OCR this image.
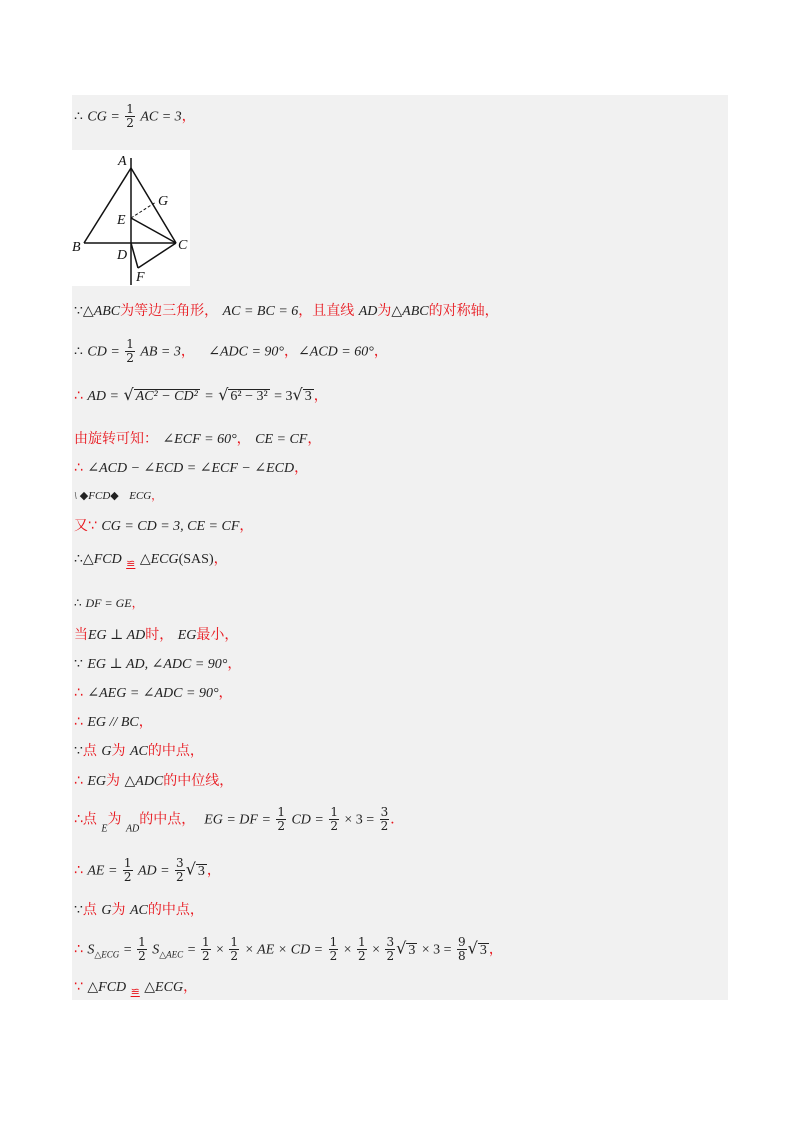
∴ CG = $\frac{1}{2}$ AC = 3，
A
B	C
D
E
F
G
∵△ABC为等边三角形， AC = BC = 6，且直线 AD为△ABC的对称轴，
∴ CD = $\frac{1}{2}$ AB = 3， ∠ADC = 90°，∠ACD = 60°，
∴ AD = √ AC² − CD² = √ 6² − 3² = 3√ 3 ，
由旋转可知： ∠ECF = 60°， CE = CF，
∴ ∠ACD − ∠ECD = ∠ECF − ∠ECD，
\ ◆FCD◆ ECG，
又∵ CG = CD = 3, CE = CF，
∴△FCD $_≌$ △ECG(SAS)，
∴ DF = GE，
当EG ⊥ AD时， EG最小，
∵ EG ⊥ AD, ∠ADC = 90°，
∴ ∠AEG = ∠ADC = 90°，
∴ EG // BC，
∵点 G为 AC的中点，
∴ EG为 △ADC的中位线，
∴点 $_E$为 $_{AD}$的中点， EG = DF = $\frac{1}{2}$ CD = $\frac{1}{2} \times 3 = \frac{3}{2}$ ．
∴ AE = $\frac{1}{2}$ AD = $\frac{3}{2}$ √ 3 ，
∵点 G为 AC的中点，
∴ $S_{\triangle ECG} = \frac{1}{2} S_{\triangle AEC} = \frac{1}{2} \times \frac{1}{2}$ × AE × CD = $\frac{1}{2} \times \frac{1}{2} \times \frac{3}{2}$ √ $3 \times 3 = \frac{9}{8}$ √ 3 ，
∵ △FCD $_≌$ △ECG，
